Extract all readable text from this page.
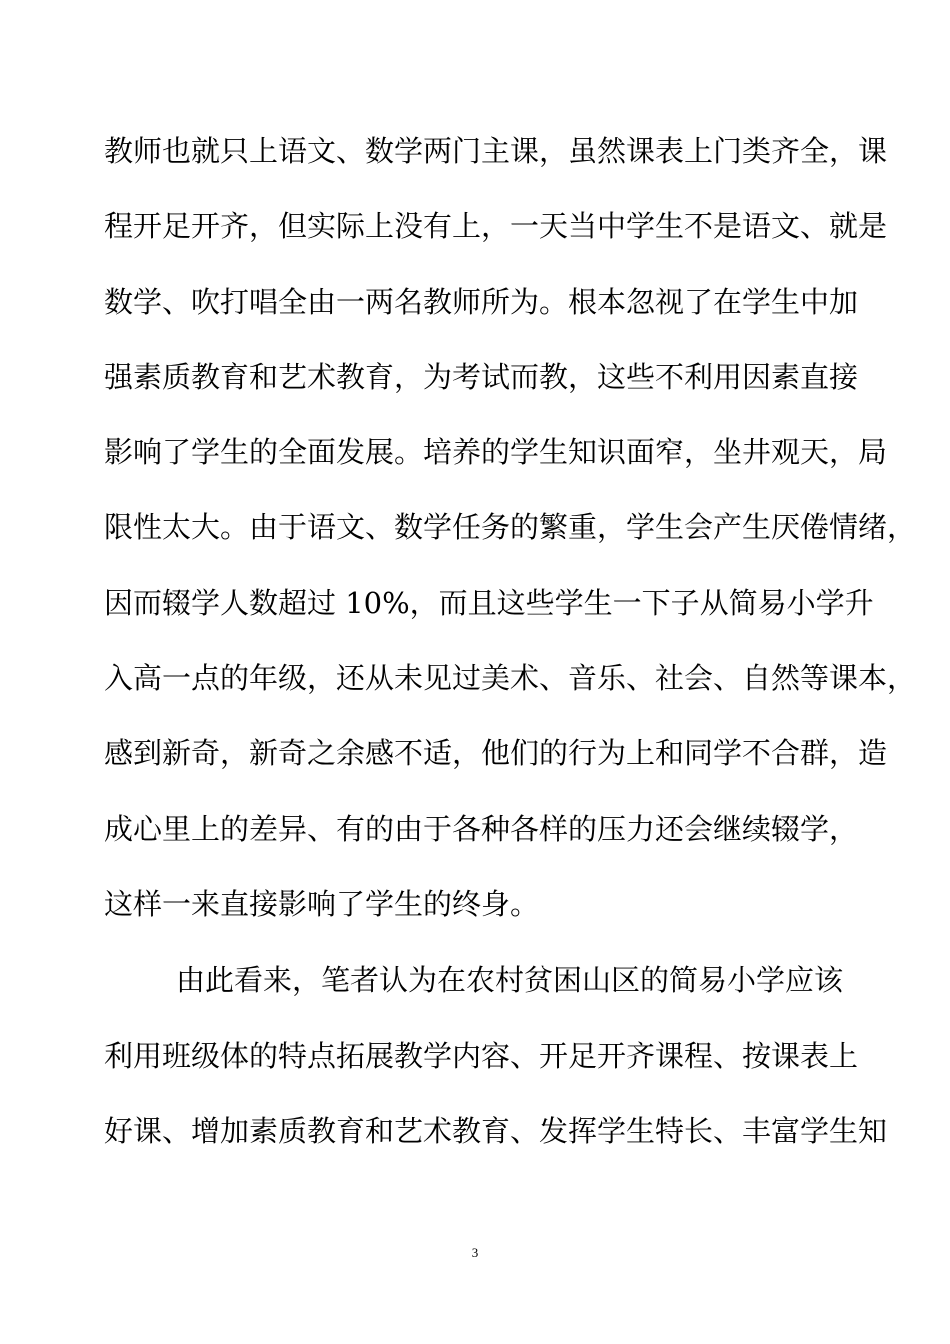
教师也就只上语文、数学两门主课，虽然课表上门类齐全，课
程开足开齐，但实际上没有上，一天当中学生不是语文、就是
数学、吹打唱全由一两名教师所为。根本忽视了在学生中加
强素质教育和艺术教育，为考试而教，这些不利用因素直接
影响了学生的全面发展。培养的学生知识面窄，坐井观天，局
限性太大。由于语文、数学任务的繁重，学生会产生厌倦情绪，
因而辍学人数超过 10%，而且这些学生一下子从简易小学升
入高一点的年级，还从未见过美术、音乐、社会、自然等课本，
感到新奇，新奇之余感不适，他们的行为上和同学不合群，造
成心里上的差异、有的由于各种各样的压力还会继续辍学，
这样一来直接影响了学生的终身。
由此看来，笔者认为在农村贫困山区的简易小学应该
利用班级体的特点拓展教学内容、开足开齐课程、按课表上
好课、增加素质教育和艺术教育、发挥学生特长、丰富学生知
3
